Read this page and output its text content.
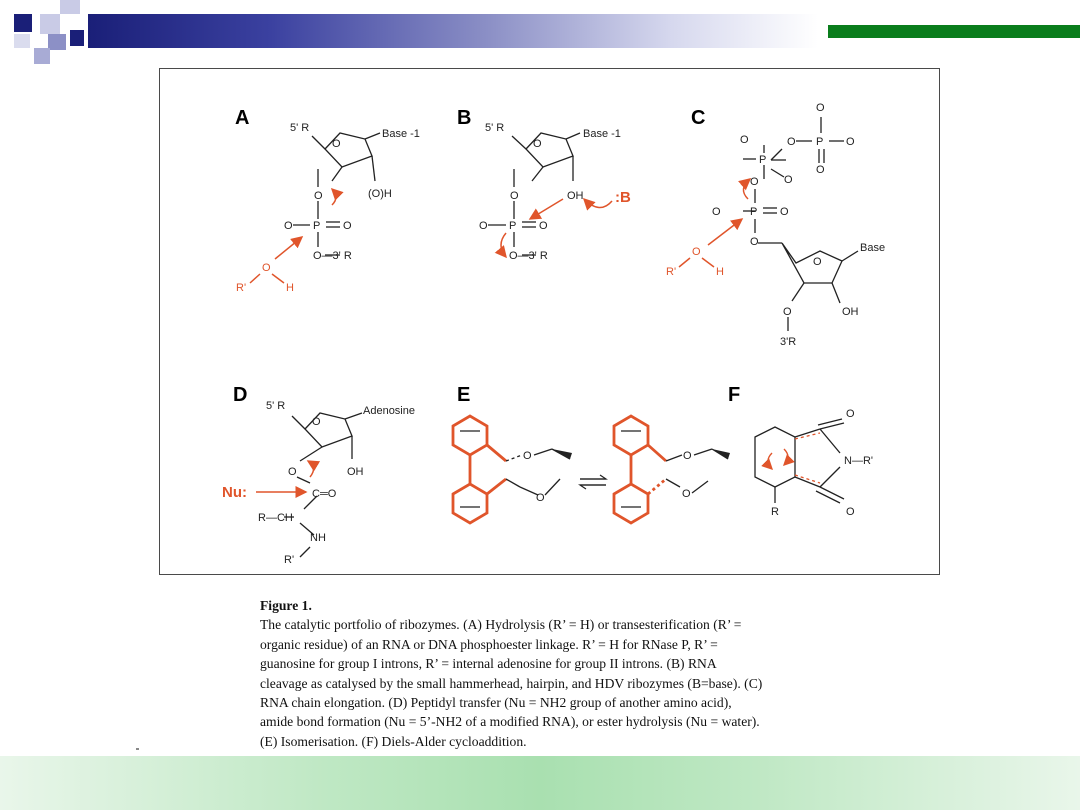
A	B	C
D	E	F
5' R
O
Base -1
(O)H
O
O P O
O—3' R
R'
O
H
5' R
O
Base -1
OH
O
O P O
O—3' R
:B
O
O P O
O
O
P
O
O
O	P O
O
O
Base
OH
O
3'R
R'
O
H
5' R	Adenosine
O
OH
O
C═O
R—CH
NH
R'
Nu:
O
O
O
O
O
O
N—R'
R
Figure 1.
The catalytic portfolio of ribozymes. (A) Hydrolysis (R’ = H) or transesterification (R’ =
organic residue) of an RNA or DNA phosphoester linkage. R’ = H for RNase P, R’ =
guanosine for group I introns, R’ = internal adenosine for group II introns. (B) RNA
cleavage as catalysed by the small hammerhead, hairpin, and HDV ribozymes (B=base). (C)
RNA chain elongation. (D) Peptidyl transfer (Nu = NH2 group of another amino acid),
amide bond formation (Nu = 5’-NH2 of a modified RNA), or ester hydrolysis (Nu = water).
(E) Isomerisation. (F) Diels-Alder cycloaddition.
